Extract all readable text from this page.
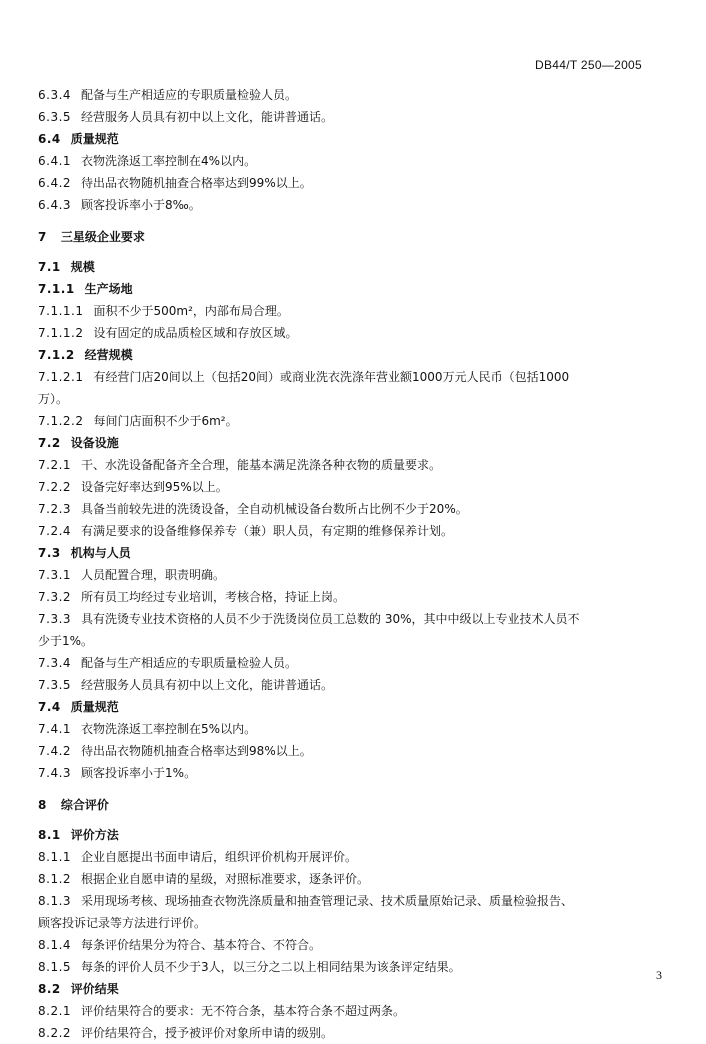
DB44/T 250—2005
6.3.4 配备与生产相适应的专职质量检验人员。
6.3.5 经营服务人员具有初中以上文化，能讲普通话。
6.4 质量规范
6.4.1 衣物洗涤返工率控制在4%以内。
6.4.2 待出品衣物随机抽查合格率达到99%以上。
6.4.3 顾客投诉率小于8‰。
7 三星级企业要求
7.1 规模
7.1.1 生产场地
7.1.1.1 面积不少于500m²，内部布局合理。
7.1.1.2 设有固定的成品质检区域和存放区域。
7.1.2 经营规模
7.1.2.1 有经营门店20间以上（包括20间）或商业洗衣洗涤年营业额1000万元人民币（包括1000
万）。
7.1.2.2 每间门店面积不少于6m²。
7.2 设备设施
7.2.1 干、水洗设备配备齐全合理，能基本满足洗涤各种衣物的质量要求。
7.2.2 设备完好率达到95%以上。
7.2.3 具备当前较先进的洗烫设备，全自动机械设备台数所占比例不少于20%。
7.2.4 有满足要求的设备维修保养专（兼）职人员，有定期的维修保养计划。
7.3 机构与人员
7.3.1 人员配置合理，职责明确。
7.3.2 所有员工均经过专业培训，考核合格，持证上岗。
7.3.3 具有洗烫专业技术资格的人员不少于洗烫岗位员工总数的 30%，其中中级以上专业技术人员不
少于1%。
7.3.4 配备与生产相适应的专职质量检验人员。
7.3.5 经营服务人员具有初中以上文化，能讲普通话。
7.4 质量规范
7.4.1 衣物洗涤返工率控制在5%以内。
7.4.2 待出品衣物随机抽查合格率达到98%以上。
7.4.3 顾客投诉率小于1%。
8 综合评价
8.1 评价方法
8.1.1 企业自愿提出书面申请后，组织评价机构开展评价。
8.1.2 根据企业自愿申请的星级，对照标准要求，逐条评价。
8.1.3 采用现场考核、现场抽查衣物洗涤质量和抽查管理记录、技术质量原始记录、质量检验报告、
顾客投诉记录等方法进行评价。
8.1.4 每条评价结果分为符合、基本符合、不符合。
8.1.5 每条的评价人员不少于3人，以三分之二以上相同结果为该条评定结果。
8.2 评价结果
8.2.1 评价结果符合的要求：无不符合条，基本符合条不超过两条。
8.2.2 评价结果符合，授予被评价对象所申请的级别。
3
